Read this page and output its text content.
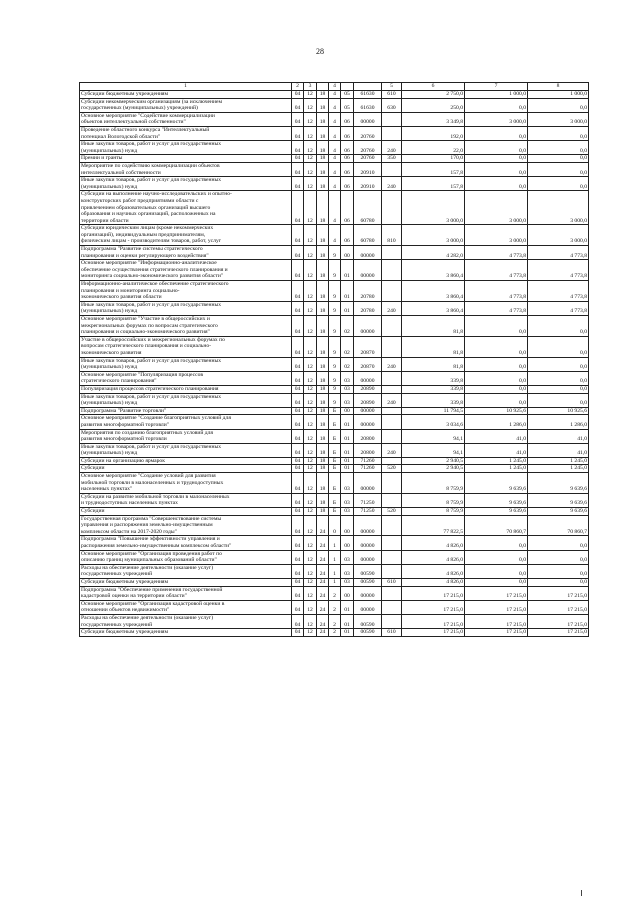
28
1	2	3		4			5	6	7	8
Субсидии бюджетным учреждениям	04	12	18	4	05	61630	610	2 750,0	1 000,0	1 000,0
Субсидии некоммерческим организациям (за исключением
государственных (муниципальных) учреждений)	04	12	18	4	05	61630	630	250,0	0,0	0,0
Основное мероприятие "Содействие коммерциализации
объектов интеллектуальной собственности"	04	12	18	4	06	00000		3 349,8	3 000,0	3 000,0
Проведение областного конкурса "Интеллектуальный
потенциал Вологодской области"	04	12	18	4	06	20760		192,0	0,0	0,0
Иные закупки товаров, работ и услуг для государственных
(муниципальных) нужд	04	12	18	4	06	20760	240	22,0	0,0	0,0
Премии и гранты	04	12	18	4	06	20760	350	170,0	0,0	0,0
Мероприятие по содействию коммерциализации объектов
интеллектуальной собственности	04	12	18	4	06	20910		157,8	0,0	0,0
Иные закупки товаров, работ и услуг для государственных
(муниципальных) нужд	04	12	18	4	06	20910	240	157,8	0,0	0,0
Субсидии на выполнение научно-исследовательских и опытно-
конструкторских работ предприятиями области с
привлечением образовательных организаций высшего
образования и научных организаций, расположенных на
территории области	04	12	18	4	06	60780		3 000,0	3 000,0	3 000,0
Субсидии юридическим лицам (кроме некоммерческих
организаций), индивидуальным предпринимателям,
физическим лицам - производителям товаров, работ, услуг	04	12	18	4	06	60780	810	3 000,0	3 000,0	3 000,0
Подпрограмма "Развитие системы стратегического
планирования и оценки регулирующего воздействия"	04	12	18	9	00	00000		4 282,0	4 773,8	4 773,8
Основное мероприятие "Информационно-аналитическое
обеспечение осуществления стратегического планирования и
мониторинга социально-экономического развития области"	04	12	18	9	01	00000		3 860,4	4 773,8	4 773,8
Информационно-аналитическое обеспечение стратегического
планирования и мониторинга социально-
экономического развития области	04	12	18	9	01	20780		3 860,4	4 773,8	4 773,8
Иные закупки товаров, работ и услуг для государственных
(муниципальных) нужд	04	12	18	9	01	20780	240	3 860,4	4 773,8	4 773,8
Основное мероприятие "Участие в общероссийских и
межрегиональных форумах по вопросам стратегического
планирования и социально-экономического развития"	04	12	18	9	02	00000		81,8	0,0	0,0
Участие в общероссийских и межрегиональных форумах по
вопросам стратегического планирования и социально-
экономического развития	04	12	18	9	02	20870		81,8	0,0	0,0
Иные закупки товаров, работ и услуг для государственных
(муниципальных) нужд	04	12	18	9	02	20870	240	81,8	0,0	0,0
Основное мероприятие "Популяризация процессов
стратегического планирования"	04	12	18	9	03	00000		339,8	0,0	0,0
Популяризация процессов стратегического планирования	04	12	18	9	03	20890		339,8	0,0	0,0
Иные закупки товаров, работ и услуг для государственных
(муниципальных) нужд	04	12	18	9	03	20890	240	339,8	0,0	0,0
Подпрограмма "Развитие торговли"	04	12	18	Б	00	00000		11 794,5	10 925,6	10 925,6
Основное мероприятие "Создание благоприятных условий для
развития многоформатной торговли"	04	12	18	Б	01	00000		3 034,6	1 286,0	1 286,0
Мероприятия по созданию благоприятных условий для
развития многоформатной торговли	04	12	18	Б	01	20800		94,1	41,0	41,0
Иные закупки товаров, работ и услуг для государственных
(муниципальных) нужд	04	12	18	Б	01	20800	240	94,1	41,0	41,0
Субсидии на организацию ярмарок	04	12	18	Б	01	71260		2 940,5	1 245,0	1 245,0
Субсидии	04	12	18	Б	01	71260	520	2 940,5	1 245,0	1 245,0
Основное мероприятие "Создание условий для развития
мобильной торговли в малонаселенных и труднодоступных
населенных пунктах"	04	12	18	Б	03	00000		8 759,9	9 639,6	9 639,6
Субсидии на развитие мобильной торговли в малонаселенных
и труднодоступных населенных пунктах	04	12	18	Б	03	71250		8 759,9	9 639,6	9 639,6
Субсидии	04	12	18	Б	03	71250	520	8 759,9	9 639,6	9 639,6
Государственная программа "Совершенствование системы
управления и распоряжения земельно-имущественным
комплексом области на 2017-2020 годы"	04	12	24	0	00	00000		77 822,5	70 860,7	70 860,7
Подпрограмма "Повышение эффективности управления и
распоряжения земельно-имущественным комплексом области"	04	12	24	1	00	00000		4 826,0	0,0	0,0
Основное мероприятие "Организация проведения работ по
описанию границ муниципальных образований области"	04	12	24	1	03	00000		4 826,0	0,0	0,0
Расходы на обеспечение деятельности (оказание услуг)
государственных учреждений	04	12	24	1	03	00590		4 826,0	0,0	0,0
Субсидии бюджетным учреждениям	04	12	24	1	03	00590	610	4 826,0	0,0	0,0
Подпрограмма "Обеспечение применения государственной
кадастровой оценки на территории области"	04	12	24	2	00	00000		17 215,0	17 215,0	17 215,0
Основное мероприятие "Организация кадастровой оценки в
отношении объектов недвижимости"	04	12	24	2	01	00000		17 215,0	17 215,0	17 215,0
Расходы на обеспечение деятельности (оказание услуг)
государственных учреждений	04	12	24	2	01	00590		17 215,0	17 215,0	17 215,0
Субсидии бюджетным учреждениям	04	12	24	2	01	00590	610	17 215,0	17 215,0	17 215,0
